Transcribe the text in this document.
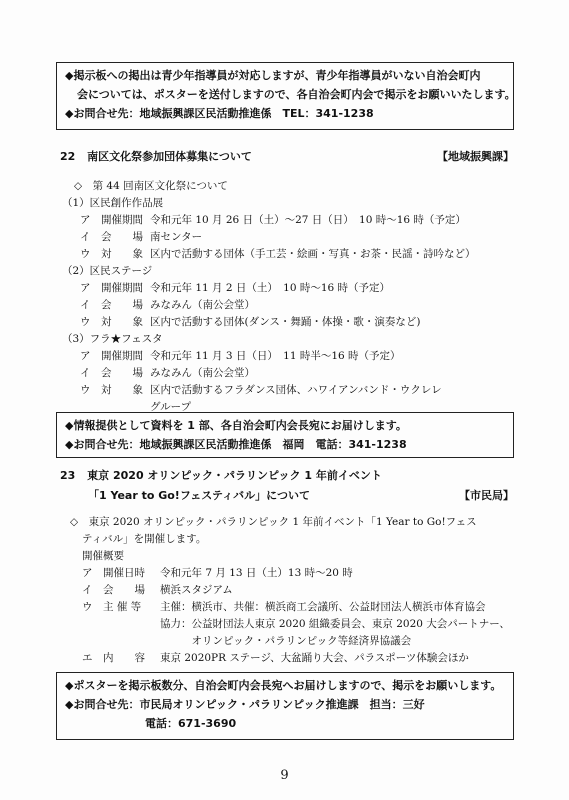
◆掲示板への掲出は青少年指導員が対応しますが、青少年指導員がいない自治会町内
会については、ポスターを送付しますので、各自治会町内会で掲示をお願いいたします。
◆お問合せ先：地域振興課区民活動推進係　TEL：341-1238
22 南区文化祭参加団体募集について	【地域振興課】
◇　第 44 回南区文化祭について
（1）区民創作作品展
ア　開催期間 令和元年 10 月 26 日（土）～27 日（日）　10 時～16 時（予定）
イ　会　　場 南センター
ウ　対　　象 区内で活動する団体（手工芸・絵画・写真・お茶・民謡・詩吟など）
（2）区民ステージ
ア　開催期間 令和元年 11 月 2 日（土）　10 時～16 時（予定）
イ　会　　場 みなみん（南公会堂）
ウ　対　　象 区内で活動する団体(ダンス・舞踊・体操・歌・演奏など)
（3）フラ★フェスタ
ア　開催期間 令和元年 11 月 3 日（日）　11 時半～16 時（予定）
イ　会　　場 みなみん（南公会堂）
ウ　対　　象 区内で活動するフラダンス団体、ハワイアンバンド・ウクレレ
グループ
◆情報提供として資料を 1 部、各自治会町内会長宛にお届けします。
◆お問合せ先：地域振興課区民活動推進係　福岡　電話：341-1238
23 東京 2020 オリンピック・パラリンピック 1 年前イベント
「1 Year to Go!フェスティバル」について	【市民局】
◇　東京 2020 オリンピック・パラリンピック 1 年前イベント「1 Year to Go!フェス
ティバル」を開催します。
開催概要
ア　開催日時 令和元年 7 月 13 日（土）13 時～20 時
イ　会　　場 横浜スタジアム
ウ　主 催 等 主催：横浜市、共催：横浜商工会議所、公益財団法人横浜市体育協会
協力：公益財団法人東京 2020 組織委員会、東京 2020 大会パートナー、
　　　オリンピック・パラリンピック等経済界協議会
エ　内　　容 東京 2020PR ステージ、大盆踊り大会、パラスポーツ体験会ほか
◆ポスターを掲示板数分、自治会町内会長宛へお届けしますので、掲示をお願いします。
◆お問合せ先：市民局オリンピック・パラリンピック推進課　担当：三好
電話：671-3690
9
